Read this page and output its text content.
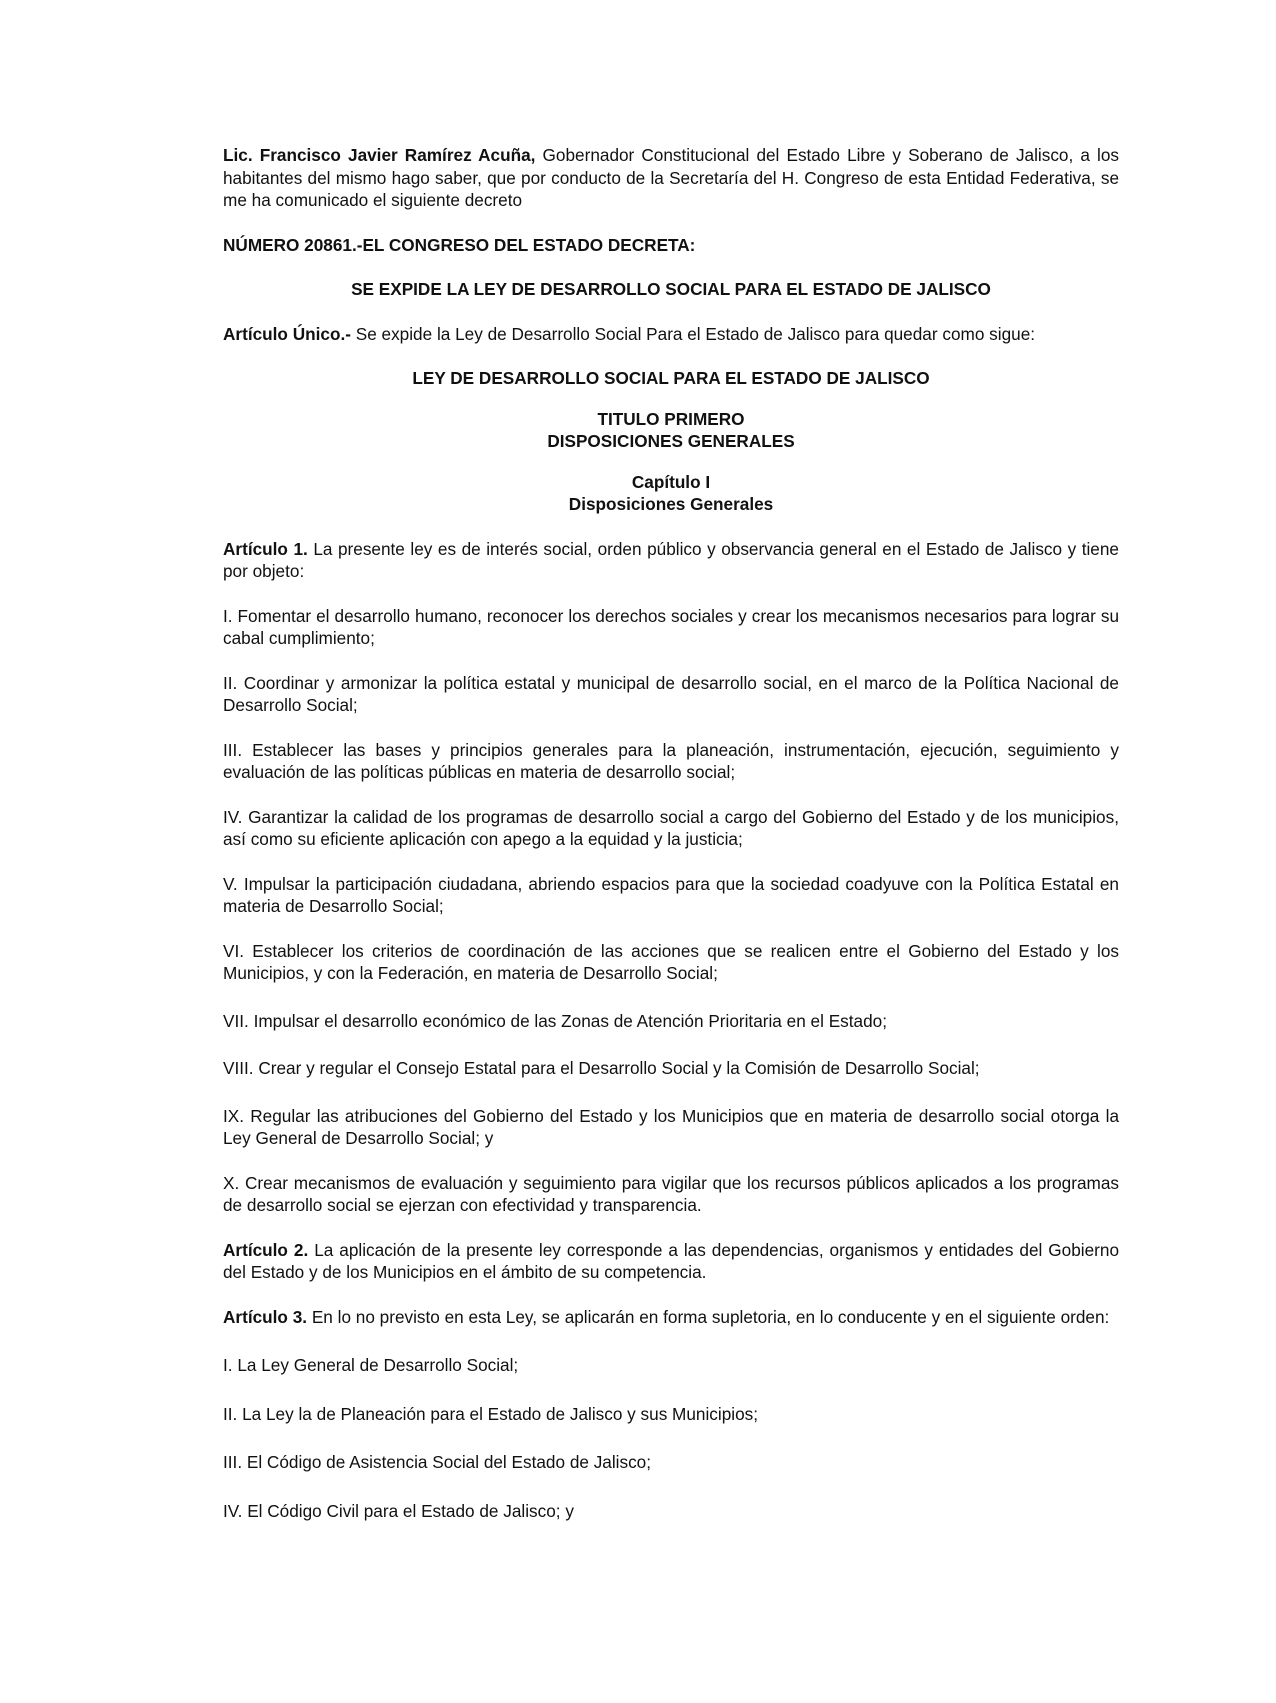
Lic. Francisco Javier Ramírez Acuña, Gobernador Constitucional del Estado Libre y Soberano de Jalisco, a los habitantes del mismo hago saber, que por conducto de la Secretaría del H. Congreso de esta Entidad Federativa, se me ha comunicado el siguiente decreto

NÚMERO 20861.-EL CONGRESO DEL ESTADO DECRETA:

SE EXPIDE LA LEY DE DESARROLLO SOCIAL PARA EL ESTADO DE JALISCO

Artículo Único.- Se expide la Ley de Desarrollo Social Para el Estado de Jalisco para quedar como sigue:

LEY DE DESARROLLO SOCIAL PARA EL ESTADO DE JALISCO

TITULO PRIMERO
DISPOSICIONES GENERALES
Capítulo I
Disposiciones Generales

Artículo 1. La presente ley es de interés social, orden público y observancia general en el Estado de Jalisco y tiene por objeto:

I. Fomentar el desarrollo humano, reconocer los derechos sociales y crear los mecanismos necesarios para lograr su cabal cumplimiento;

II. Coordinar y armonizar la política estatal y municipal de desarrollo social, en el marco de la Política Nacional de Desarrollo Social;

III. Establecer las bases y principios generales para la planeación, instrumentación, ejecución, seguimiento y evaluación de las políticas públicas en materia de desarrollo social;

IV. Garantizar la calidad de los programas de desarrollo social a cargo del Gobierno del Estado y de los municipios, así como su eficiente aplicación con apego a la equidad y la justicia;

V. Impulsar la participación ciudadana, abriendo espacios para que la sociedad coadyuve con la Política Estatal en materia de Desarrollo Social;

VI. Establecer los criterios de coordinación de las acciones que se realicen entre el Gobierno del Estado y los Municipios, y con la Federación, en materia de Desarrollo Social;

VII. Impulsar el desarrollo económico de las Zonas de Atención Prioritaria en el Estado;

VIII. Crear y regular el Consejo Estatal para el Desarrollo Social y la Comisión de Desarrollo Social;

IX. Regular las atribuciones del Gobierno del Estado y los Municipios que en materia de desarrollo social otorga la Ley General de Desarrollo Social; y

X. Crear mecanismos de evaluación y seguimiento para vigilar que los recursos públicos aplicados a los programas de desarrollo social se ejerzan con efectividad y transparencia.

Artículo 2. La aplicación de la presente ley corresponde a las dependencias, organismos y entidades del Gobierno del Estado y de los Municipios en el ámbito de su competencia.

Artículo 3. En lo no previsto en esta Ley, se aplicarán en forma supletoria, en lo conducente y en el siguiente orden:

I. La Ley General de Desarrollo Social;

II. La Ley la de Planeación para el Estado de Jalisco y sus Municipios;

III. El Código de Asistencia Social del Estado de Jalisco;

IV. El Código Civil para el Estado de Jalisco; y
